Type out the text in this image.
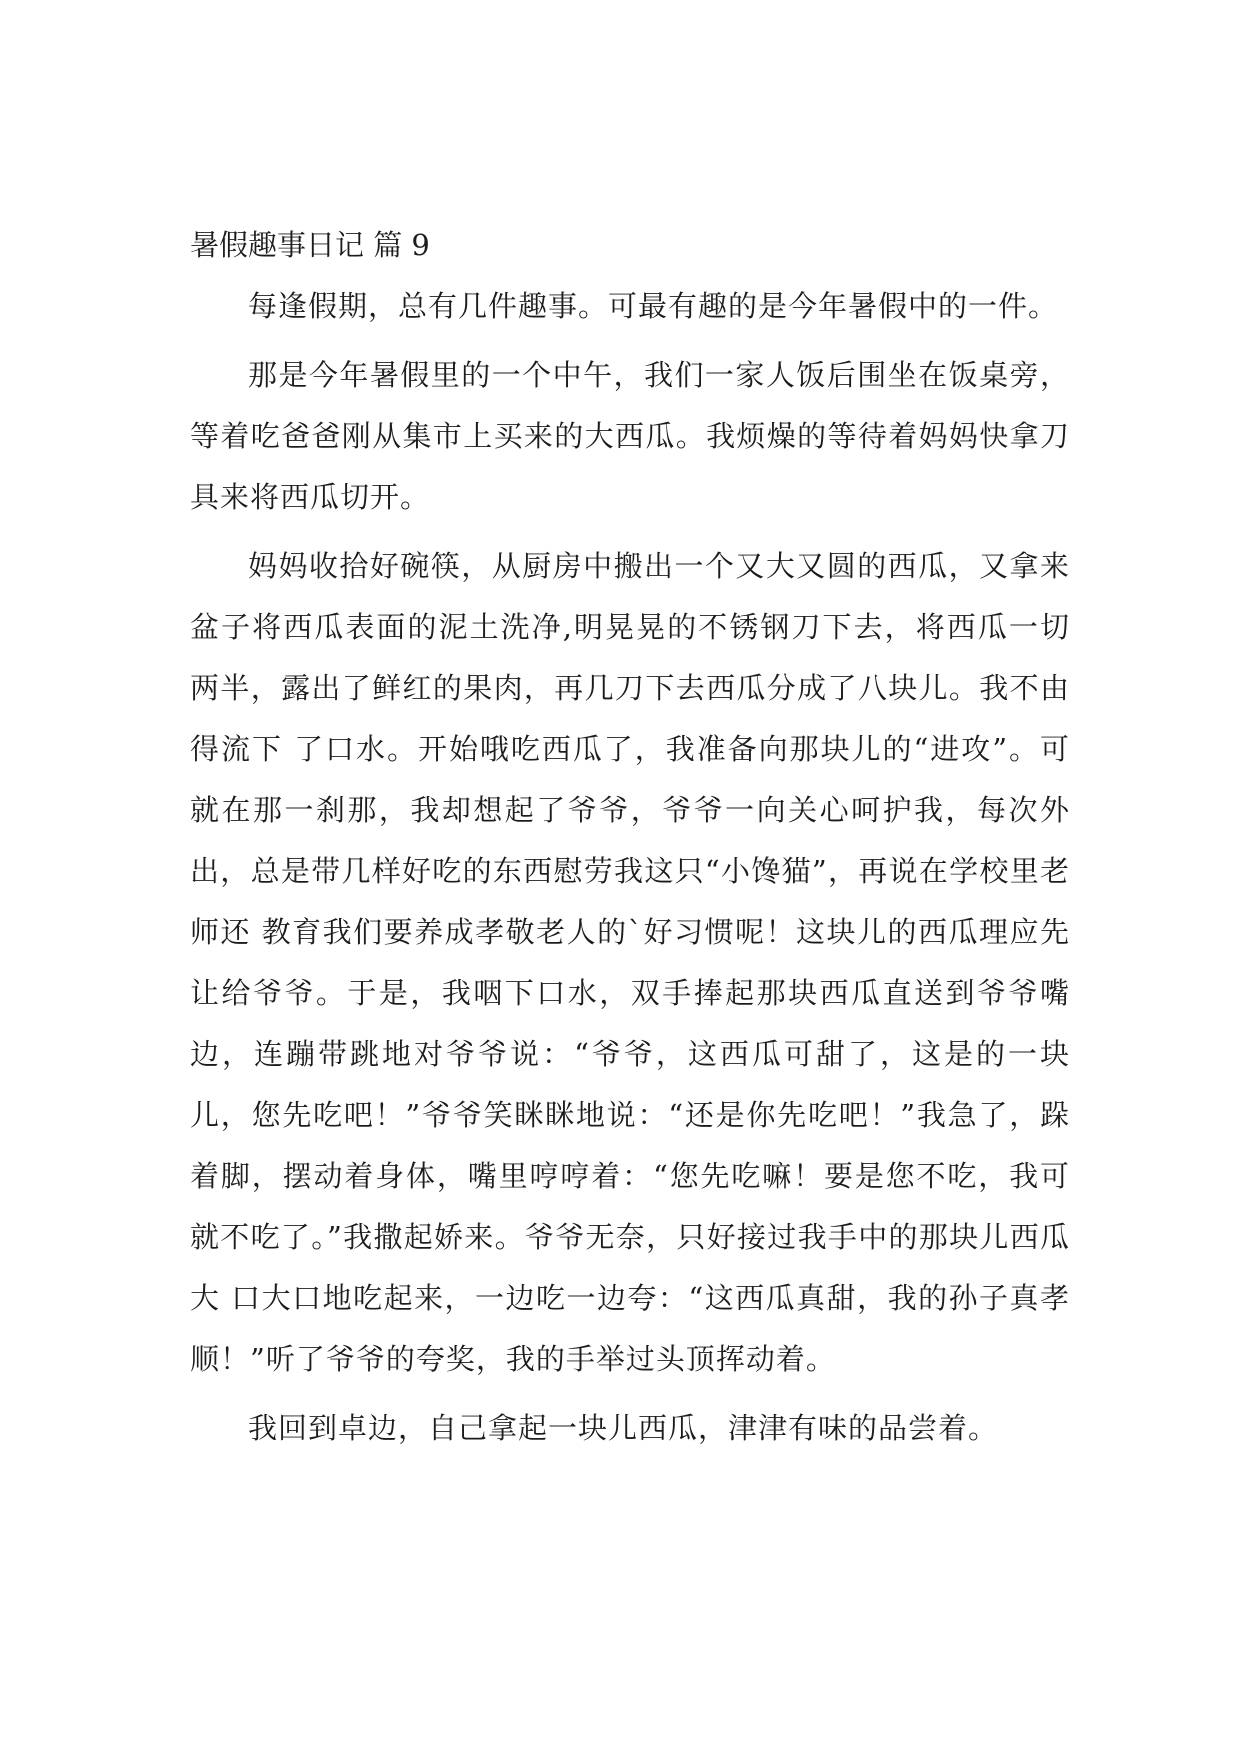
暑假趣事日记 篇 9

每逢假期，总有几件趣事。可最有趣的是今年暑假中的一件。

那是今年暑假里的一个中午，我们一家人饭后围坐在饭桌旁，等着吃爸爸刚从集市上买来的大西瓜。我烦燥的等待着妈妈快拿刀具来将西瓜切开。

妈妈收拾好碗筷，从厨房中搬出一个又大又圆的西瓜，又拿来盆子将西瓜表面的泥土洗净,明晃晃的不锈钢刀下去，将西瓜一切两半，露出了鲜红的果肉，再几刀下去西瓜分成了八块儿。我不由得流下 了口水。开始哦吃西瓜了，我准备向那块儿的“进攻”。可就在那一刹那，我却想起了爷爷，爷爷一向关心呵护我，每次外出，总是带几样好吃的东西慰劳我这只“小馋猫”，再说在学校里老师还 教育我们要养成孝敬老人的`好习惯呢！这块儿的西瓜理应先让给爷爷。于是，我咽下口水，双手捧起那块西瓜直送到爷爷嘴边，连蹦带跳地对爷爷说：“爷爷，这西瓜可甜了，这是的一块儿，您先吃吧！”爷爷笑眯眯地说：“还是你先吃吧！”我急了，跺着脚，摆动着身体，嘴里哼哼着：“您先吃嘛！要是您不吃，我可就不吃了。”我撒起娇来。爷爷无奈，只好接过我手中的那块儿西瓜大 口大口地吃起来，一边吃一边夸：“这西瓜真甜，我的孙子真孝顺！”听了爷爷的夸奖，我的手举过头顶挥动着。

我回到卓边，自己拿起一块儿西瓜，津津有味的品尝着。
